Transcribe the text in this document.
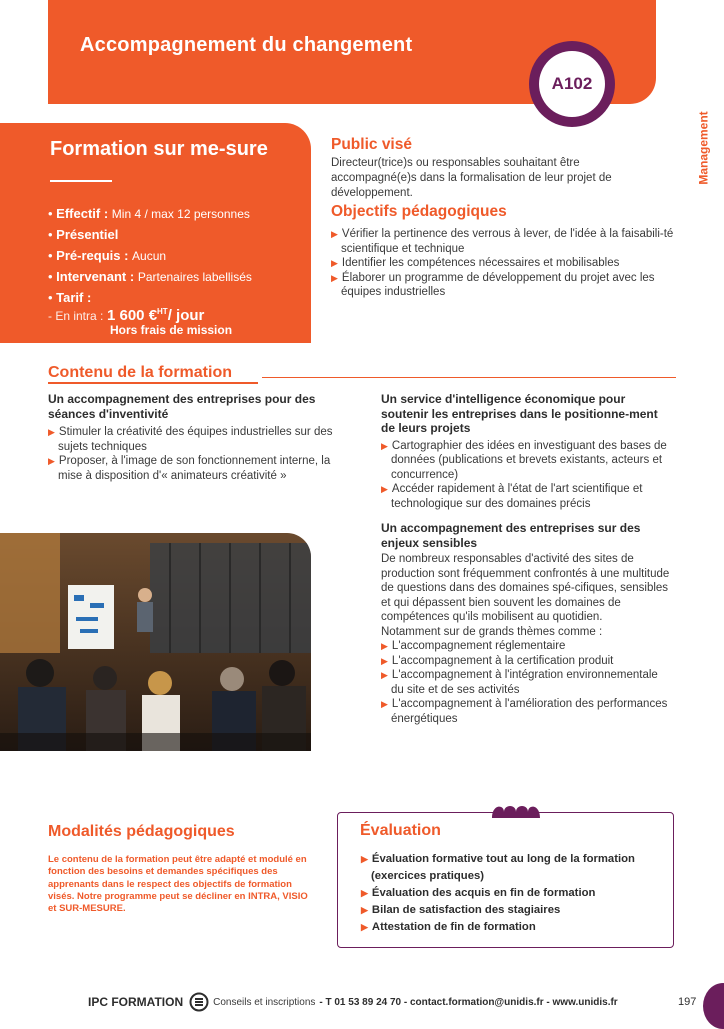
Accompagnement du changement
A102
Management
Formation sur me-sure
• Effectif : Min 4 / max 12 personnes
• Présentiel
• Pré-requis : Aucun
• Intervenant : Partenaires labellisés
• Tarif :
- En intra : 1 600 €$^{HT}$/ jour
Hors frais de mission
Public visé
Directeur(trice)s ou responsables souhaitant être accompagné(e)s dans la formalisation de leur projet de développement.
Objectifs pédagogiques
▶ Vérifier la pertinence des verrous à lever, de l'idée à la faisabili-té scientifique et technique
▶ Identifier les compétences nécessaires et mobilisables
▶ Élaborer un programme de développement du projet avec les équipes industrielles
Contenu de la formation
Un accompagnement des entreprises pour des séances d'inventivité
▶ Stimuler la créativité des équipes industrielles sur des sujets techniques
▶ Proposer, à l'image de son fonctionnement interne, la mise à disposition d'« animateurs créativité »
Un service d'intelligence économique pour soutenir les entreprises dans le positionne-ment de leurs projets
▶ Cartographier des idées en investiguant des bases de données (publications et brevets existants, acteurs et concurrence)
▶ Accéder rapidement à l'état de l'art scientifique et technologique sur des domaines précis
Un accompagnement des entreprises sur des enjeux sensibles
De nombreux responsables d'activité des sites de production sont fréquemment confrontés à une multitude de questions dans des domaines spé-cifiques, sensibles et qui dépassent bien souvent les domaines de compétences qu'ils mobilisent au quotidien.
Notamment sur de grands thèmes comme :
▶ L'accompagnement réglementaire
▶ L'accompagnement à la certification produit
▶ L'accompagnement à l'intégration environnementale du site et de ses activités
▶ L'accompagnement à l'amélioration des performances énergétiques
Modalités pédagogiques
Le contenu de la formation peut être adapté et modulé en fonction des besoins et demandes spécifiques des apprenants dans le respect des objectifs de formation visés. Notre programme peut se décliner en INTRA, VISIO et SUR-MESURE.
Évaluation
▶ Évaluation formative tout au long de la formation (exercices pratiques)
▶ Évaluation des acquis en fin de formation
▶ Bilan de satisfaction des stagiaires
▶ Attestation de fin de formation
IPC FORMATION	Conseils et inscriptions - T 01 53 89 24 70 - contact.formation@unidis.fr - www.unidis.fr	197
